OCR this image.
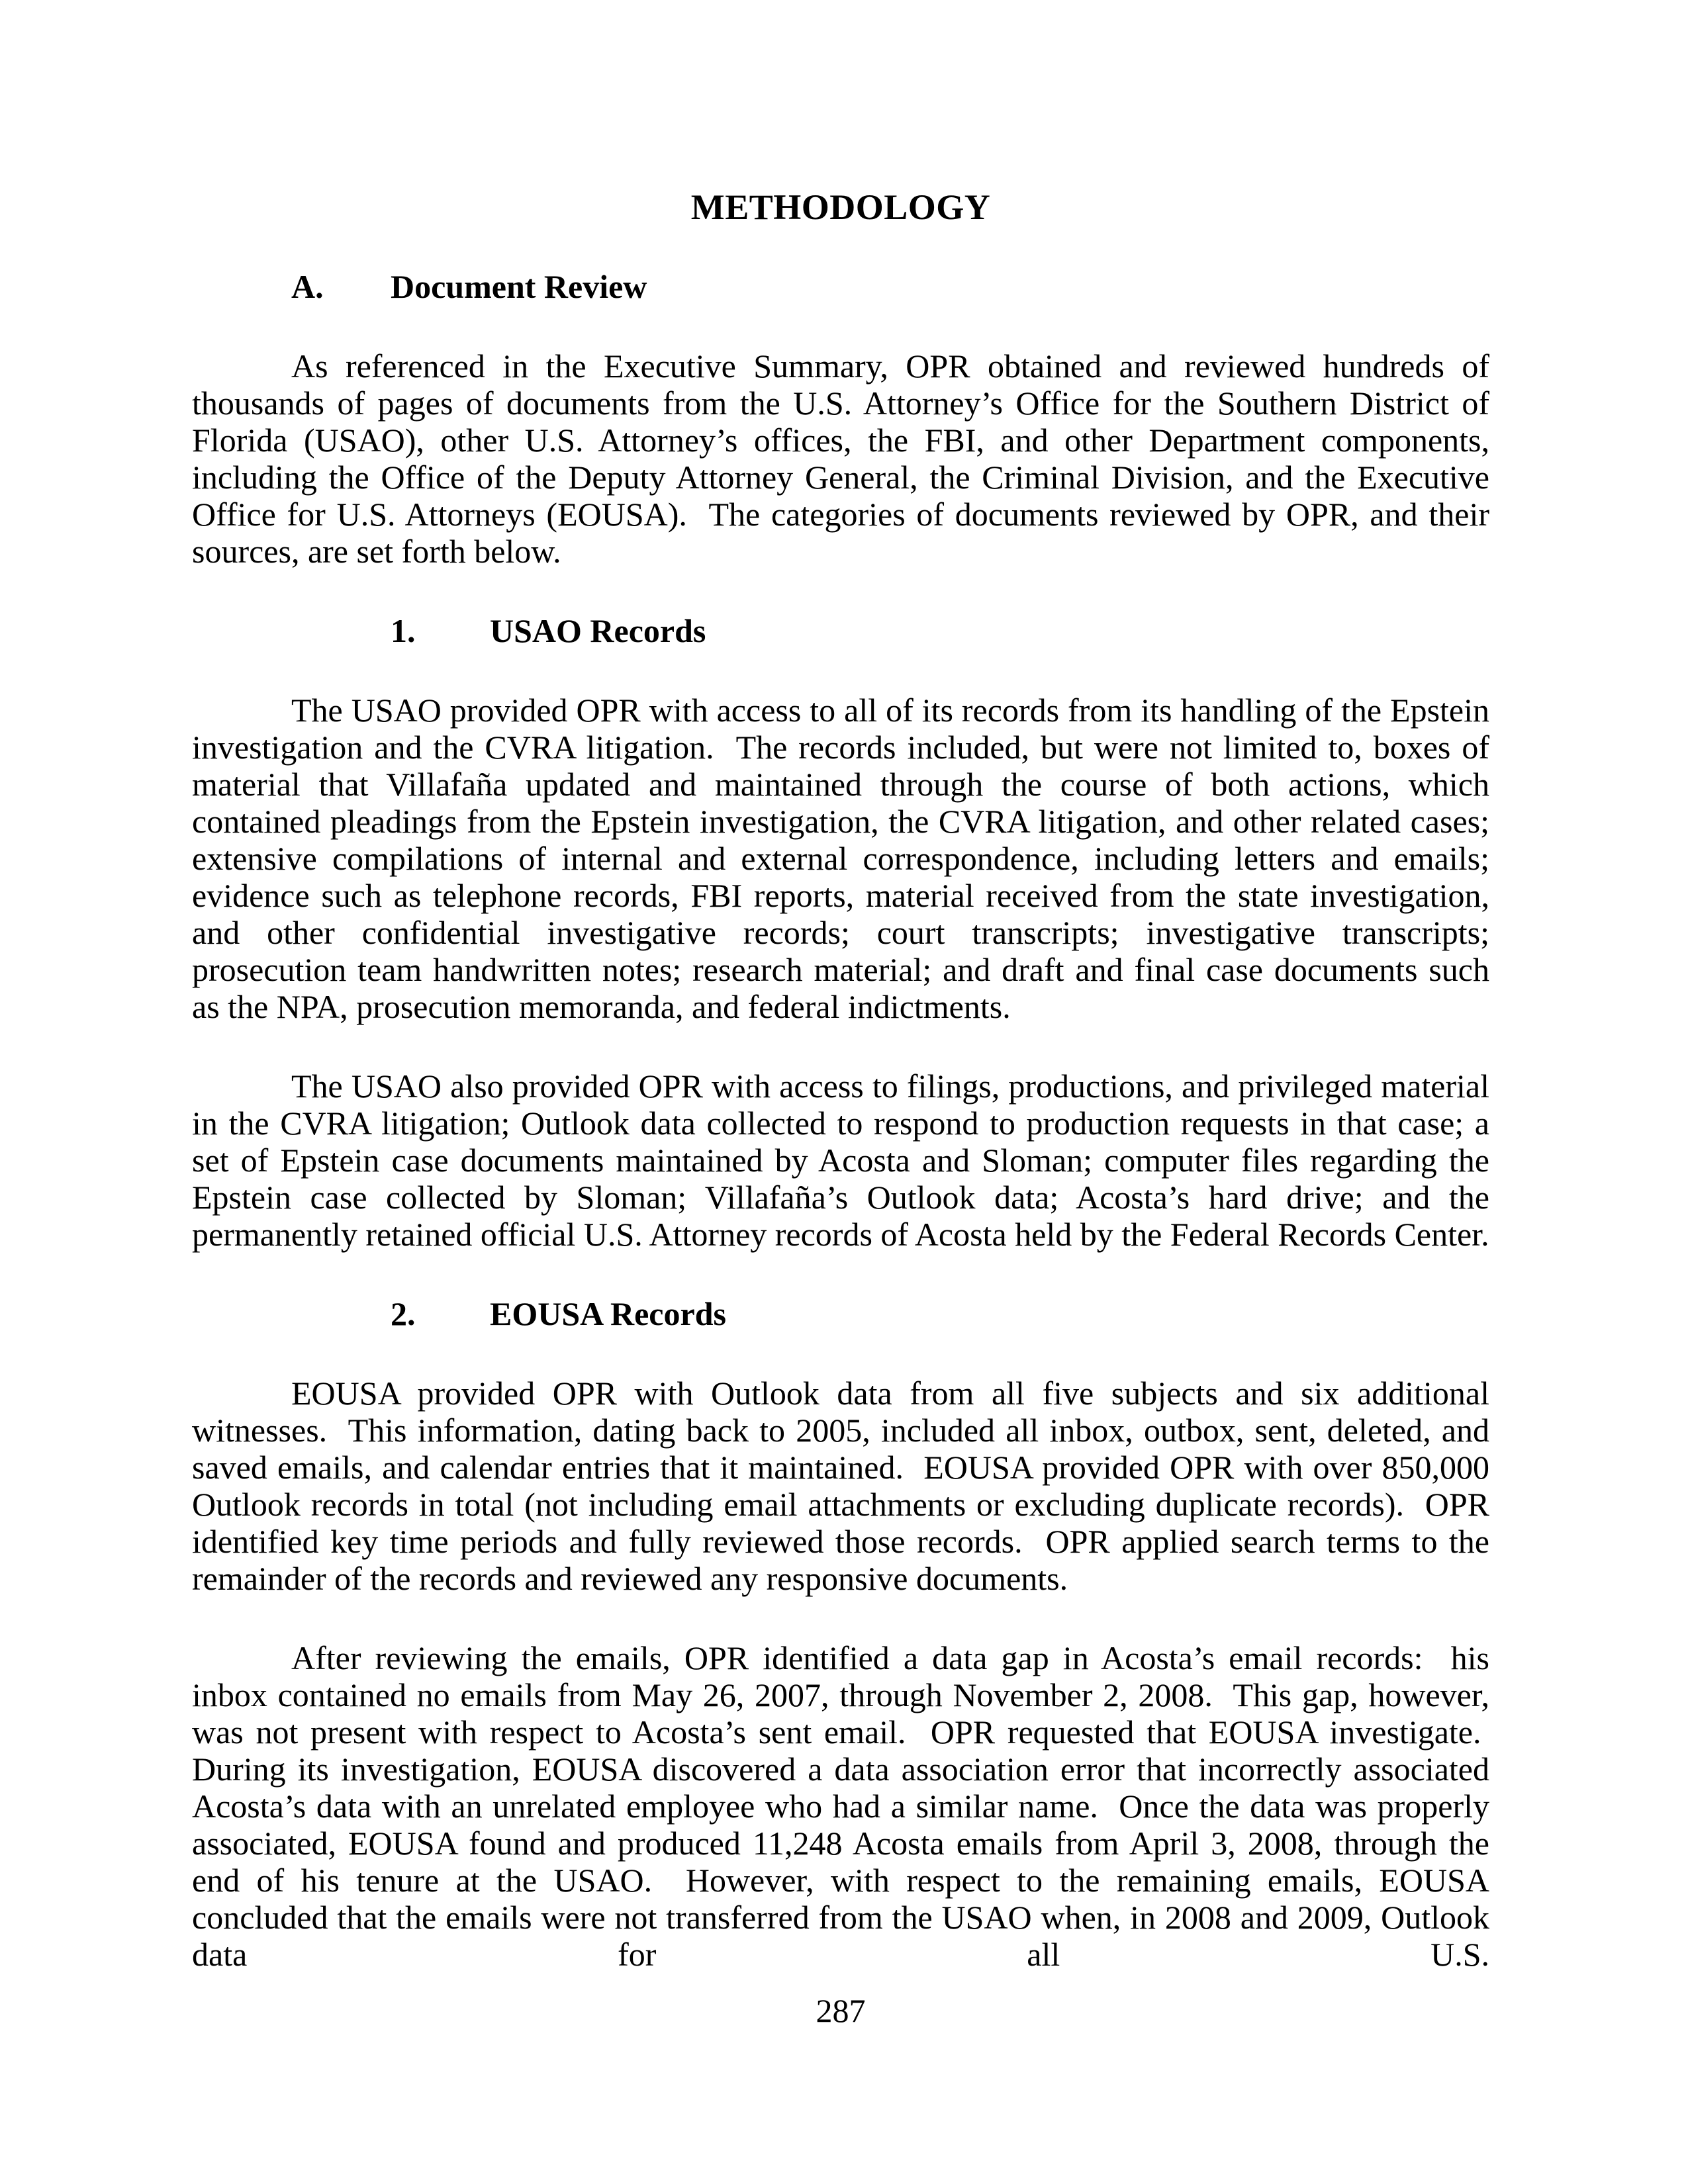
METHODOLOGY
A. Document Review

As referenced in the Executive Summary, OPR obtained and reviewed hundreds of thousands of pages of documents from the U.S. Attorney’s Office for the Southern District of Florida (USAO), other U.S. Attorney’s offices, the FBI, and other Department components, including the Office of the Deputy Attorney General, the Criminal Division, and the Executive Office for U.S. Attorneys (EOUSA).  The categories of documents reviewed by OPR, and their sources, are set forth below.

1. USAO Records

The USAO provided OPR with access to all of its records from its handling of the Epstein investigation and the CVRA litigation.  The records included, but were not limited to, boxes of material that Villafaña updated and maintained through the course of both actions, which contained pleadings from the Epstein investigation, the CVRA litigation, and other related cases; extensive compilations of internal and external correspondence, including letters and emails; evidence such as telephone records, FBI reports, material received from the state investigation, and other confidential investigative records; court transcripts; investigative transcripts; prosecution team handwritten notes; research material; and draft and final case documents such as the NPA, prosecution memoranda, and federal indictments.

The USAO also provided OPR with access to filings, productions, and privileged material in the CVRA litigation; Outlook data collected to respond to production requests in that case; a set of Epstein case documents maintained by Acosta and Sloman; computer files regarding the Epstein case collected by Sloman; Villafaña’s Outlook data; Acosta’s hard drive; and the permanently retained official U.S. Attorney records of Acosta held by the Federal Records Center.

2. EOUSA Records

EOUSA provided OPR with Outlook data from all five subjects and six additional witnesses.  This information, dating back to 2005, included all inbox, outbox, sent, deleted, and saved emails, and calendar entries that it maintained.  EOUSA provided OPR with over 850,000 Outlook records in total (not including email attachments or excluding duplicate records).  OPR identified key time periods and fully reviewed those records.  OPR applied search terms to the remainder of the records and reviewed any responsive documents.

After reviewing the emails, OPR identified a data gap in Acosta’s email records:  his inbox contained no emails from May 26, 2007, through November 2, 2008.  This gap, however, was not present with respect to Acosta’s sent email.  OPR requested that EOUSA investigate.  During its investigation, EOUSA discovered a data association error that incorrectly associated Acosta’s data with an unrelated employee who had a similar name.  Once the data was properly associated, EOUSA found and produced 11,248 Acosta emails from April 3, 2008, through the end of his tenure at the USAO.  However, with respect to the remaining emails, EOUSA concluded that the emails were not transferred from the USAO when, in 2008 and 2009, Outlook data for all U.S.

287
